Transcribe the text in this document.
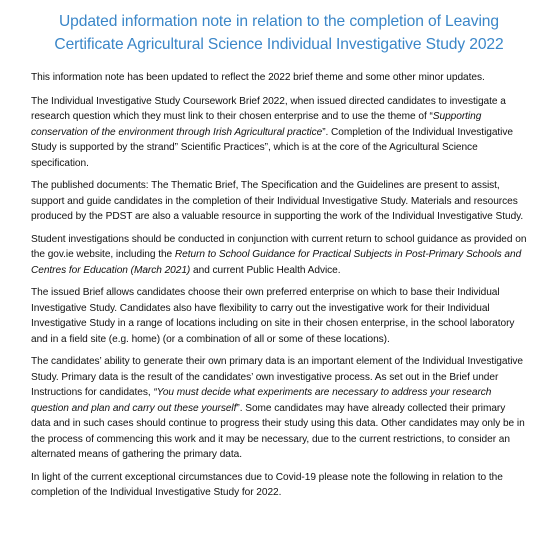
Updated information note in relation to the completion of Leaving
Certificate Agricultural Science Individual Investigative Study 2022

This information note has been updated to reflect the 2022 brief theme and some other minor updates.

The Individual Investigative Study Coursework Brief 2022, when issued directed candidates to investigate a research question which they must link to their chosen enterprise and to use the theme of “Supporting conservation of the environment through Irish Agricultural practice”. Completion of the Individual Investigative Study is supported by the strand” Scientific Practices”, which is at the core of the Agricultural Science specification.

The published documents: The Thematic Brief, The Specification and the Guidelines are present to assist, support and guide candidates in the completion of their Individual Investigative Study. Materials and resources produced by the PDST are also a valuable resource in supporting the work of the Individual Investigative Study.

Student investigations should be conducted in conjunction with current return to school guidance as provided on the gov.ie website, including the Return to School Guidance for Practical Subjects in Post-Primary Schools and Centres for Education (March 2021) and current Public Health Advice.

The issued Brief allows candidates choose their own preferred enterprise on which to base their Individual Investigative Study. Candidates also have flexibility to carry out the investigative work for their Individual Investigative Study in a range of locations including on site in their chosen enterprise, in the school laboratory and in a field site (e.g. home) (or a combination of all or some of these locations).

The candidates’ ability to generate their own primary data is an important element of the Individual Investigative Study. Primary data is the result of the candidates’ own investigative process. As set out in the Brief under Instructions for candidates, “You must decide what experiments are necessary to address your research question and plan and carry out these yourself”. Some candidates may have already collected their primary data and in such cases should continue to progress their study using this data. Other candidates may only be in the process of commencing this work and it may be necessary, due to the current restrictions, to consider an alternated means of gathering the primary data.

In light of the current exceptional circumstances due to Covid-19 please note the following in relation to the completion of the Individual Investigative Study for 2022.
